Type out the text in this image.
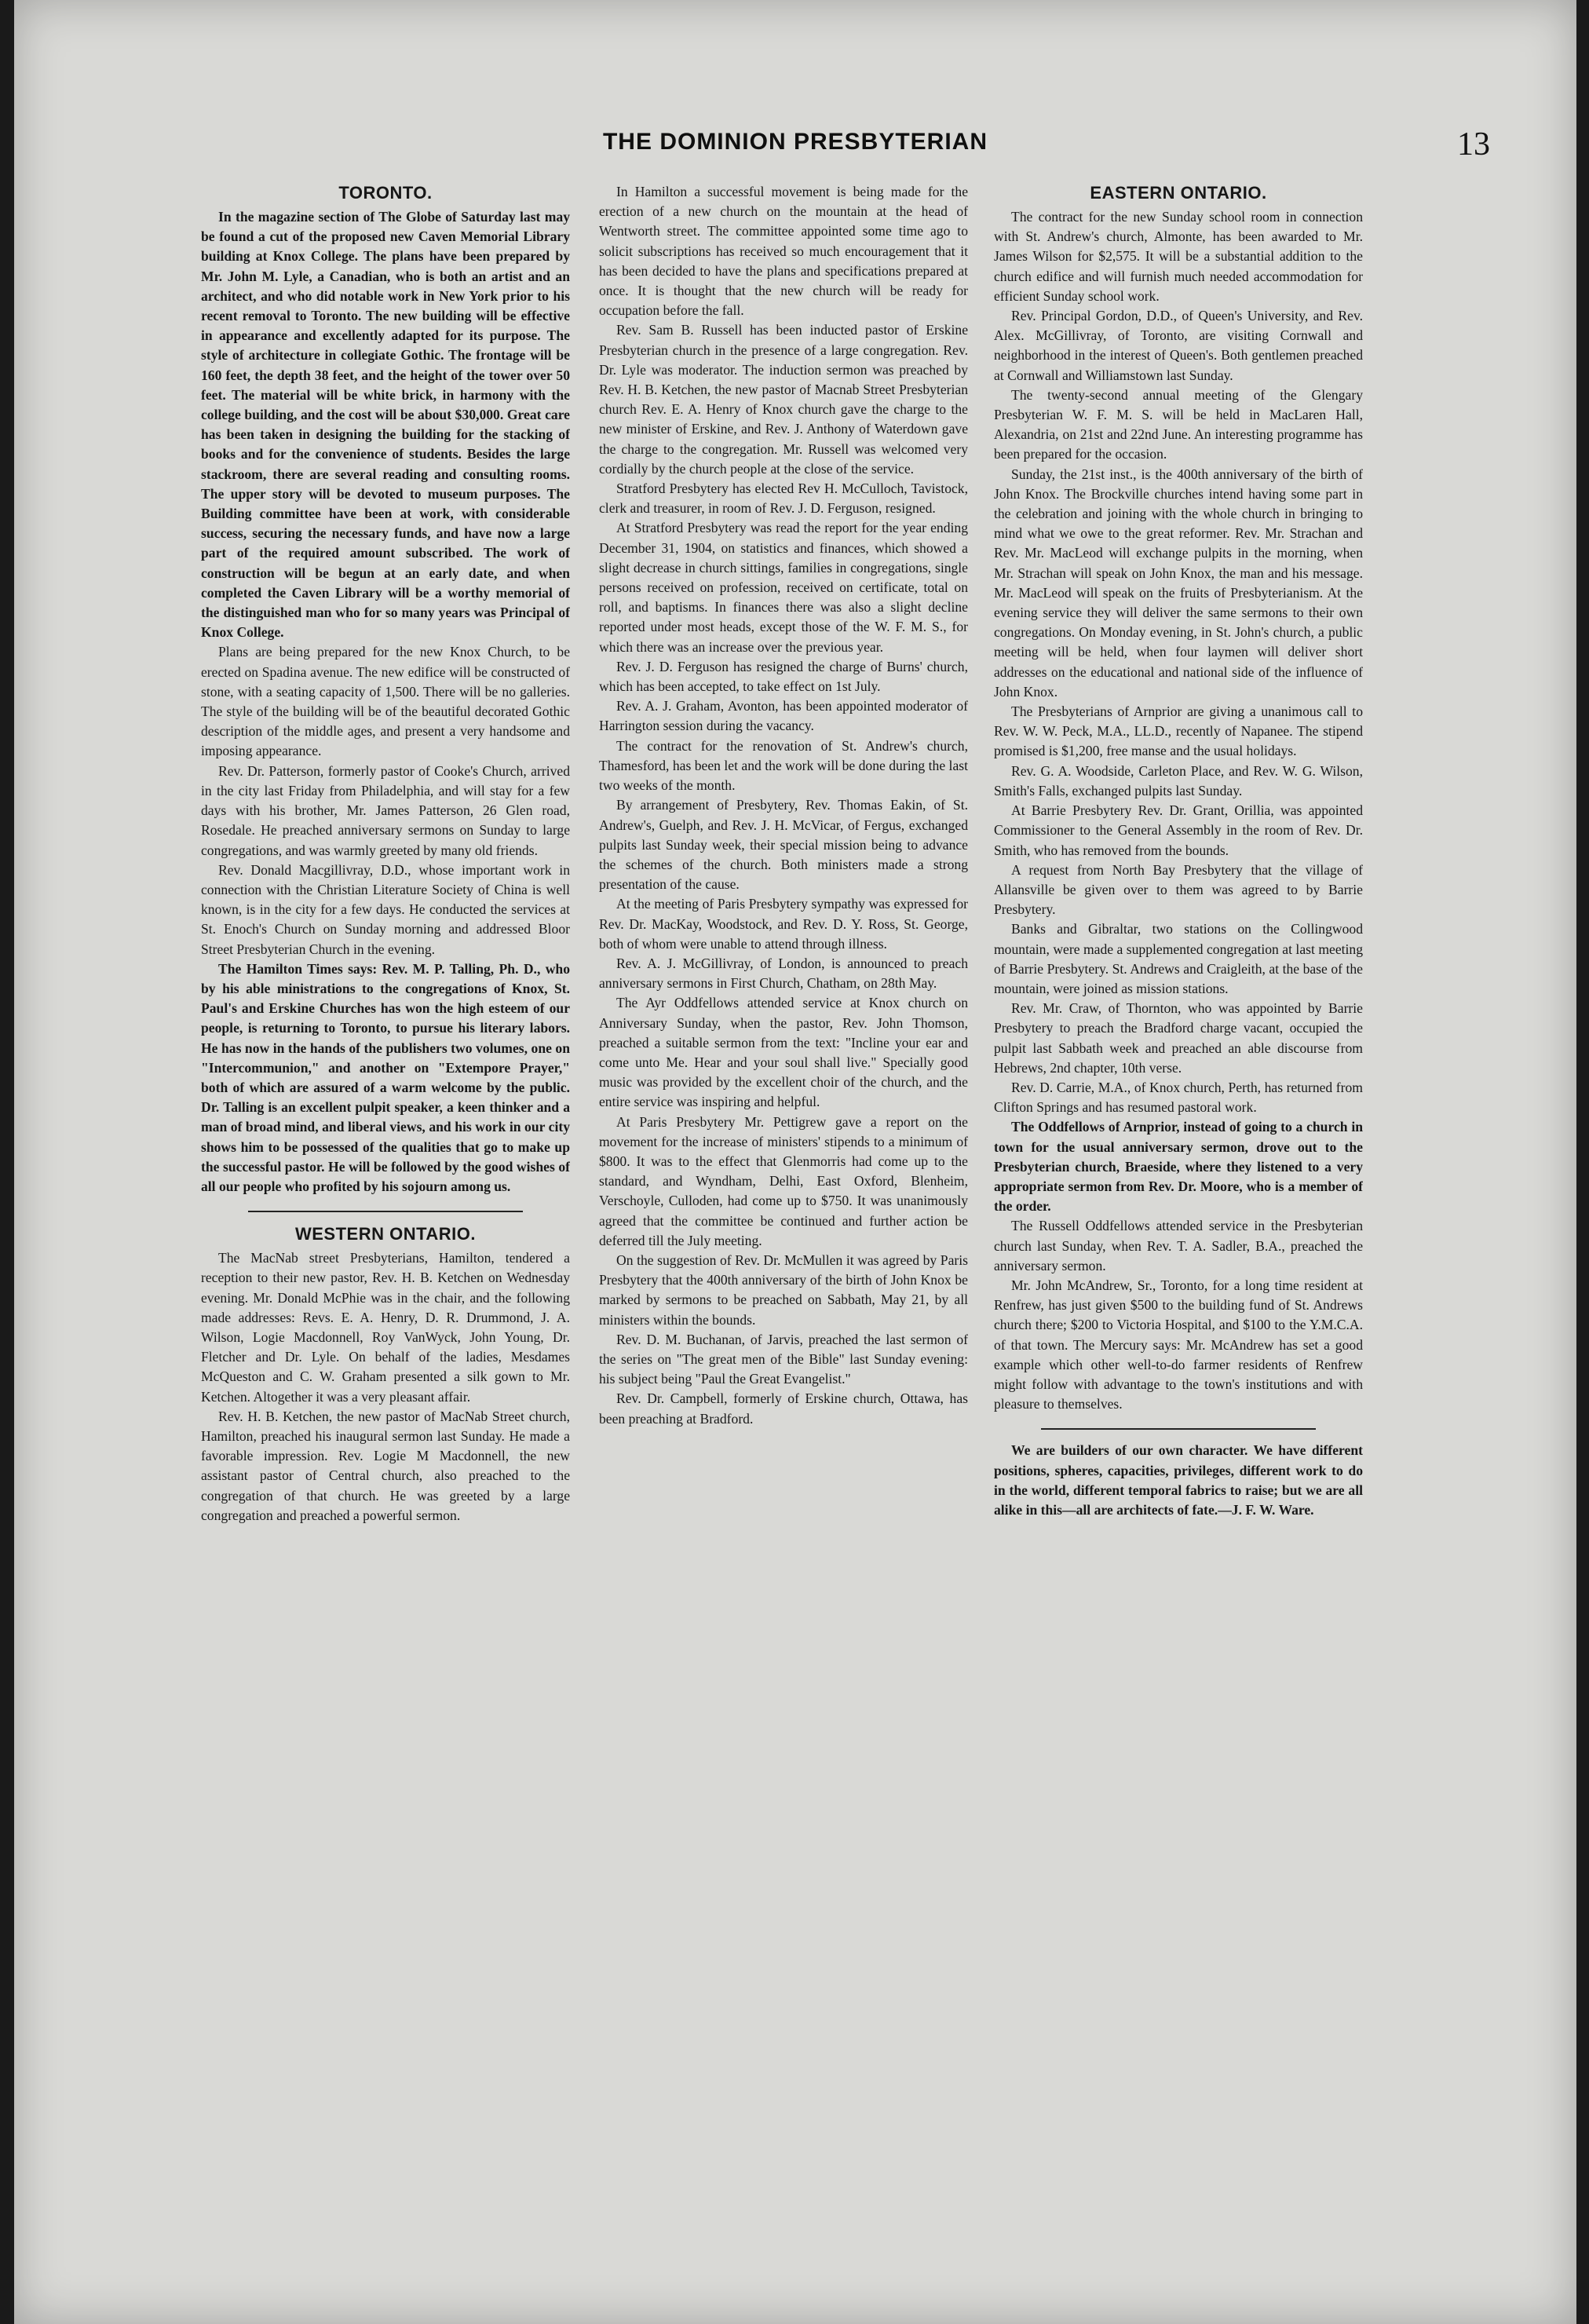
THE DOMINION PRESBYTERIAN	13
TORONTO.

In the magazine section of The Globe of Saturday last may be found a cut of the proposed new Caven Memorial Library building at Knox College. The plans have been prepared by Mr. John M. Lyle, a Canadian, who is both an artist and an architect, and who did notable work in New York prior to his recent removal to Toronto. The new building will be effective in appearance and excellently adapted for its purpose. The style of architecture in collegiate Gothic. The frontage will be 160 feet, the depth 38 feet, and the height of the tower over 50 feet. The material will be white brick, in harmony with the college building, and the cost will be about $30,000. Great care has been taken in designing the building for the stacking of books and for the convenience of students. Besides the large stackroom, there are several reading and consulting rooms. The upper story will be devoted to museum purposes. The Building committee have been at work, with considerable success, securing the necessary funds, and have now a large part of the required amount subscribed. The work of construction will be begun at an early date, and when completed the Caven Library will be a worthy memorial of the distinguished man who for so many years was Principal of Knox College.

Plans are being prepared for the new Knox Church, to be erected on Spadina avenue. The new edifice will be constructed of stone, with a seating capacity of 1,500. There will be no galleries. The style of the building will be of the beautiful decorated Gothic description of the middle ages, and present a very handsome and imposing appearance.

Rev. Dr. Patterson, formerly pastor of Cooke's Church, arrived in the city last Friday from Philadelphia, and will stay for a few days with his brother, Mr. James Patterson, 26 Glen road, Rosedale. He preached anniversary sermons on Sunday to large congregations, and was warmly greeted by many old friends.

Rev. Donald Macgillivray, D.D., whose important work in connection with the Christian Literature Society of China is well known, is in the city for a few days. He conducted the services at St. Enoch's Church on Sunday morning and addressed Bloor Street Presbyterian Church in the evening.

The Hamilton Times says: Rev. M. P. Talling, Ph. D., who by his able ministrations to the congregations of Knox, St. Paul's and Erskine Churches has won the high esteem of our people, is returning to Toronto, to pursue his literary labors. He has now in the hands of the publishers two volumes, one on "Intercommunion," and another on "Extempore Prayer," both of which are assured of a warm welcome by the public. Dr. Talling is an excellent pulpit speaker, a keen thinker and a man of broad mind, and liberal views, and his work in our city shows him to be possessed of the qualities that go to make up the successful pastor. He will be followed by the good wishes of all our people who profited by his sojourn among us.

WESTERN ONTARIO.

The MacNab street Presbyterians, Hamilton, tendered a reception to their new pastor, Rev. H. B. Ketchen on Wednesday evening. Mr. Donald McPhie was in the chair, and the following made addresses: Revs. E. A. Henry, D. R. Drummond, J. A. Wilson, Logie Macdonnell, Roy VanWyck, John Young, Dr. Fletcher and Dr. Lyle. On behalf of the ladies, Mesdames McQueston and C. W. Graham presented a silk gown to Mr. Ketchen. Altogether it was a very pleasant affair.

Rev. H. B. Ketchen, the new pastor of MacNab Street church, Hamilton, preached his inaugural sermon last Sunday. He made a favorable impression. Rev. Logie M Macdonnell, the new assistant pastor of Central church, also preached to the congregation of that church. He was greeted by a large congregation and preached a powerful sermon.

In Hamilton a successful movement is being made for the erection of a new church on the mountain at the head of Wentworth street. The committee appointed some time ago to solicit subscriptions has received so much encouragement that it has been decided to have the plans and specifications prepared at once. It is thought that the new church will be ready for occupation before the fall.

Rev. Sam B. Russell has been inducted pastor of Erskine Presbyterian church in the presence of a large congregation. Rev. Dr. Lyle was moderator. The induction sermon was preached by Rev. H. B. Ketchen, the new pastor of Macnab Street Presbyterian church Rev. E. A. Henry of Knox church gave the charge to the new minister of Erskine, and Rev. J. Anthony of Waterdown gave the charge to the congregation. Mr. Russell was welcomed very cordially by the church people at the close of the service.

Stratford Presbytery has elected Rev H. McCulloch, Tavistock, clerk and treasurer, in room of Rev. J. D. Ferguson, resigned.

At Stratford Presbytery was read the report for the year ending December 31, 1904, on statistics and finances, which showed a slight decrease in church sittings, families in congregations, single persons received on profession, received on certificate, total on roll, and baptisms. In finances there was also a slight decline reported under most heads, except those of the W. F. M. S., for which there was an increase over the previous year.

Rev. J. D. Ferguson has resigned the charge of Burns' church, which has been accepted, to take effect on 1st July.

Rev. A. J. Graham, Avonton, has been appointed moderator of Harrington session during the vacancy.

The contract for the renovation of St. Andrew's church, Thamesford, has been let and the work will be done during the last two weeks of the month.

By arrangement of Presbytery, Rev. Thomas Eakin, of St. Andrew's, Guelph, and Rev. J. H. McVicar, of Fergus, exchanged pulpits last Sunday week, their special mission being to advance the schemes of the church. Both ministers made a strong presentation of the cause.

At the meeting of Paris Presbytery sympathy was expressed for Rev. Dr. MacKay, Woodstock, and Rev. D. Y. Ross, St. George, both of whom were unable to attend through illness.

Rev. A. J. McGillivray, of London, is announced to preach anniversary sermons in First Church, Chatham, on 28th May.

The Ayr Oddfellows attended service at Knox church on Anniversary Sunday, when the pastor, Rev. John Thomson, preached a suitable sermon from the text: "Incline your ear and come unto Me. Hear and your soul shall live." Specially good music was provided by the excellent choir of the church, and the entire service was inspiring and helpful.

At Paris Presbytery Mr. Pettigrew gave a report on the movement for the increase of ministers' stipends to a minimum of $800. It was to the effect that Glenmorris had come up to the standard, and Wyndham, Delhi, East Oxford, Blenheim, Verschoyle, Culloden, had come up to $750. It was unanimously agreed that the committee be continued and further action be deferred till the July meeting.

On the suggestion of Rev. Dr. McMullen it was agreed by Paris Presbytery that the 400th anniversary of the birth of John Knox be marked by sermons to be preached on Sabbath, May 21, by all ministers within the bounds.

Rev. D. M. Buchanan, of Jarvis, preached the last sermon of the series on "The great men of the Bible" last Sunday evening: his subject being "Paul the Great Evangelist."

Rev. Dr. Campbell, formerly of Erskine church, Ottawa, has been preaching at Bradford.

EASTERN ONTARIO.

The contract for the new Sunday school room in connection with St. Andrew's church, Almonte, has been awarded to Mr. James Wilson for $2,575. It will be a substantial addition to the church edifice and will furnish much needed accommodation for efficient Sunday school work.

Rev. Principal Gordon, D.D., of Queen's University, and Rev. Alex. McGillivray, of Toronto, are visiting Cornwall and neighborhood in the interest of Queen's. Both gentlemen preached at Cornwall and Williamstown last Sunday.

The twenty-second annual meeting of the Glengary Presbyterian W. F. M. S. will be held in MacLaren Hall, Alexandria, on 21st and 22nd June. An interesting programme has been prepared for the occasion.

Sunday, the 21st inst., is the 400th anniversary of the birth of John Knox. The Brockville churches intend having some part in the celebration and joining with the whole church in bringing to mind what we owe to the great reformer. Rev. Mr. Strachan and Rev. Mr. MacLeod will exchange pulpits in the morning, when Mr. Strachan will speak on John Knox, the man and his message. Mr. MacLeod will speak on the fruits of Presbyterianism. At the evening service they will deliver the same sermons to their own congregations. On Monday evening, in St. John's church, a public meeting will be held, when four laymen will deliver short addresses on the educational and national side of the influence of John Knox.

The Presbyterians of Arnprior are giving a unanimous call to Rev. W. W. Peck, M.A., LL.D., recently of Napanee. The stipend promised is $1,200, free manse and the usual holidays.

Rev. G. A. Woodside, Carleton Place, and Rev. W. G. Wilson, Smith's Falls, exchanged pulpits last Sunday.

At Barrie Presbytery Rev. Dr. Grant, Orillia, was appointed Commissioner to the General Assembly in the room of Rev. Dr. Smith, who has removed from the bounds.

A request from North Bay Presbytery that the village of Allansville be given over to them was agreed to by Barrie Presbytery.

Banks and Gibraltar, two stations on the Collingwood mountain, were made a supplemented congregation at last meeting of Barrie Presbytery. St. Andrews and Craigleith, at the base of the mountain, were joined as mission stations.

Rev. Mr. Craw, of Thornton, who was appointed by Barrie Presbytery to preach the Bradford charge vacant, occupied the pulpit last Sabbath week and preached an able discourse from Hebrews, 2nd chapter, 10th verse.

Rev. D. Carrie, M.A., of Knox church, Perth, has returned from Clifton Springs and has resumed pastoral work.

The Oddfellows of Arnprior, instead of going to a church in town for the usual anniversary sermon, drove out to the Presbyterian church, Braeside, where they listened to a very appropriate sermon from Rev. Dr. Moore, who is a member of the order.

The Russell Oddfellows attended service in the Presbyterian church last Sunday, when Rev. T. A. Sadler, B.A., preached the anniversary sermon.

Mr. John McAndrew, Sr., Toronto, for a long time resident at Renfrew, has just given $500 to the building fund of St. Andrews church there; $200 to Victoria Hospital, and $100 to the Y.M.C.A. of that town. The Mercury says: Mr. McAndrew has set a good example which other well-to-do farmer residents of Renfrew might follow with advantage to the town's institutions and with pleasure to themselves.

We are builders of our own character. We have different positions, spheres, capacities, privileges, different work to do in the world, different temporal fabrics to raise; but we are all alike in this—all are architects of fate.—J. F. W. Ware.
